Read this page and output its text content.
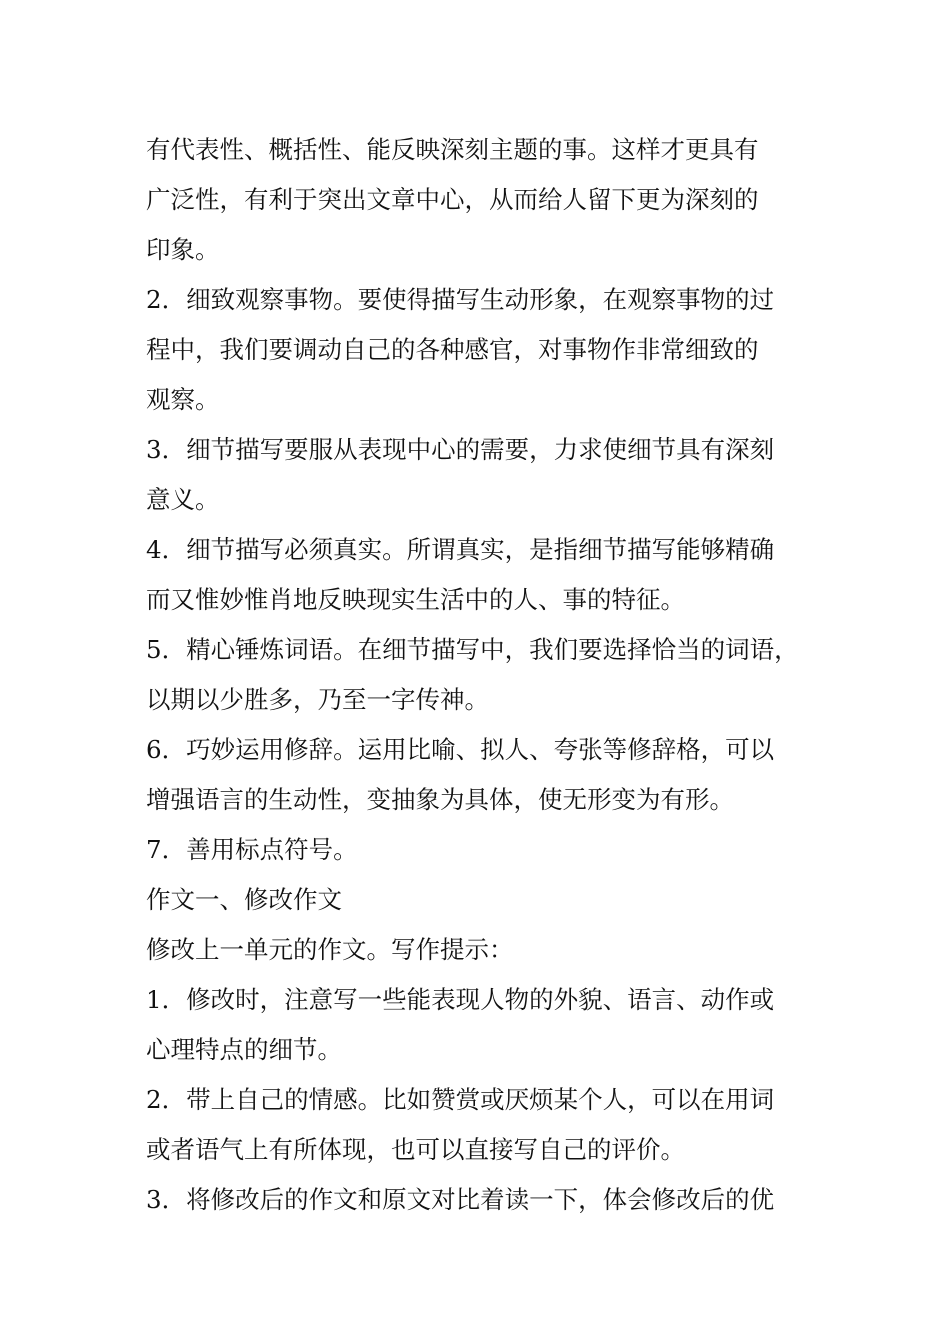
有代表性、概括性、能反映深刻主题的事。这样才更具有

广泛性，有利于突出文章中心，从而给人留下更为深刻的

印象。

2．细致观察事物。要使得描写生动形象，在观察事物的过

程中，我们要调动自己的各种感官，对事物作非常细致的

观察。

3．细节描写要服从表现中心的需要，力求使细节具有深刻

意义。

4．细节描写必须真实。所谓真实，是指细节描写能够精确

而又惟妙惟肖地反映现实生活中的人、事的特征。

5．精心锤炼词语。在细节描写中，我们要选择恰当的词语，

以期以少胜多，乃至一字传神。

6．巧妙运用修辞。运用比喻、拟人、夸张等修辞格，可以

增强语言的生动性，变抽象为具体，使无形变为有形。

7．善用标点符号。

作文一、修改作文

修改上一单元的作文。写作提示：

1．修改时，注意写一些能表现人物的外貌、语言、动作或

心理特点的细节。

2．带上自己的情感。比如赞赏或厌烦某个人，可以在用词

或者语气上有所体现，也可以直接写自己的评价。

3．将修改后的作文和原文对比着读一下，体会修改后的优
